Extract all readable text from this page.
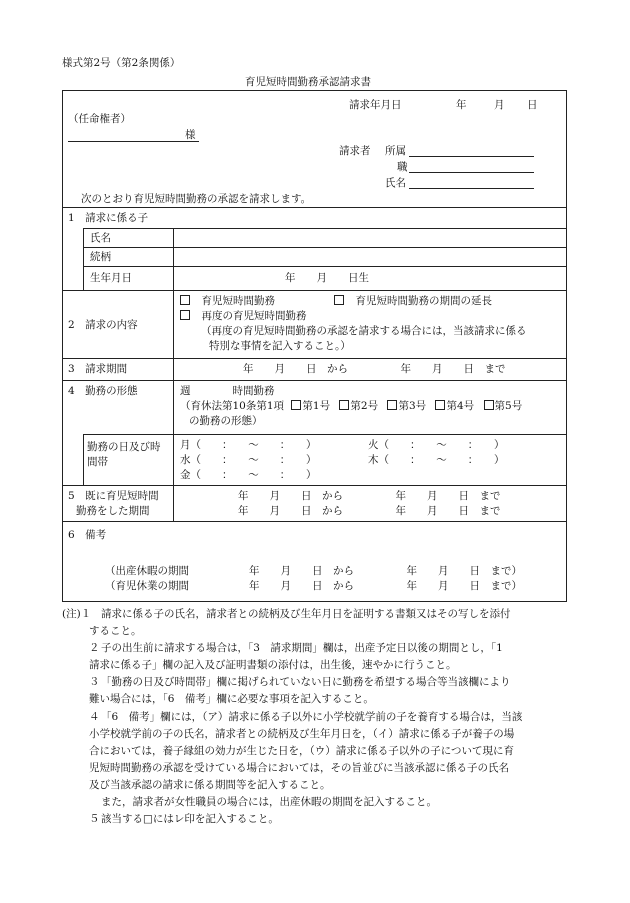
様式第2号（第2条関係）
育児短時間勤務承認請求書
請求年月日	年	月 日
（任命権者）
様
請求者 所属
職
氏名
次のとおり育児短時間勤務の承認を請求します。
1　請求に係る子
氏名
続柄
生年月日	年　　月　　日生
2　請求の内容
　育児短時間勤務
　	育児短時間勤務の期間の延長
　再度の育児短時間勤務
（再度の育児短時間勤務の承認を請求する場合には，当該請求に係る
特別な事情を記入すること。）
3　請求期間	年　　月　　日　から　　　　　年　　月　　日　まで
4　勤務の形態	週　　　　時間勤務
（育休法第10条第1項 第1号 第2号 第3号 第4号 第5号
の勤務の形態）
勤務の日及び時
間帯
月（　　：　　〜　　：　　）	火（　　：　　〜　　：　　）
水（　　：　　〜　　：　　）	木（　　：　　〜　　：　　）
金（　　：　　〜　　：　　）
5　既に育児短時間
勤務をした期間
年　　月　　日　から　　　　　年　　月　　日　まで
年　　月　　日　から　　　　　年　　月　　日　まで
6　備考
（出産休暇の期間	年　　月　　日　から　　　　　年　　月　　日　まで）
（育児休業の期間	年　　月　　日　から　　　　　年　　月　　日　まで）
(注)１ 請求に係る子の氏名，請求者との続柄及び生年月日を証明する書類又はその写しを添付
すること。
２ 子の出生前に請求する場合は，「3　請求期間」欄は，出産予定日以後の期間とし，「1
請求に係る子」欄の記入及び証明書類の添付は，出生後，速やかに行うこと。
３ 「勤務の日及び時間帯」欄に掲げられていない日に勤務を希望する場合等当該欄により
難い場合には，「6　備考」欄に必要な事項を記入すること。
４ 「6　備考」欄には，（ア）請求に係る子以外に小学校就学前の子を養育する場合は，当該
小学校就学前の子の氏名，請求者との続柄及び生年月日を，（イ）請求に係る子が養子の場
合においては，養子縁組の効力が生じた日を，（ウ）請求に係る子以外の子について現に育
児短時間勤務の承認を受けている場合においては，その旨並びに当該承認に係る子の氏名
及び当該承認の請求に係る期間等を記入すること。
また，請求者が女性職員の場合には，出産休暇の期間を記入すること。
５ 該当する□にはレ印を記入すること。
